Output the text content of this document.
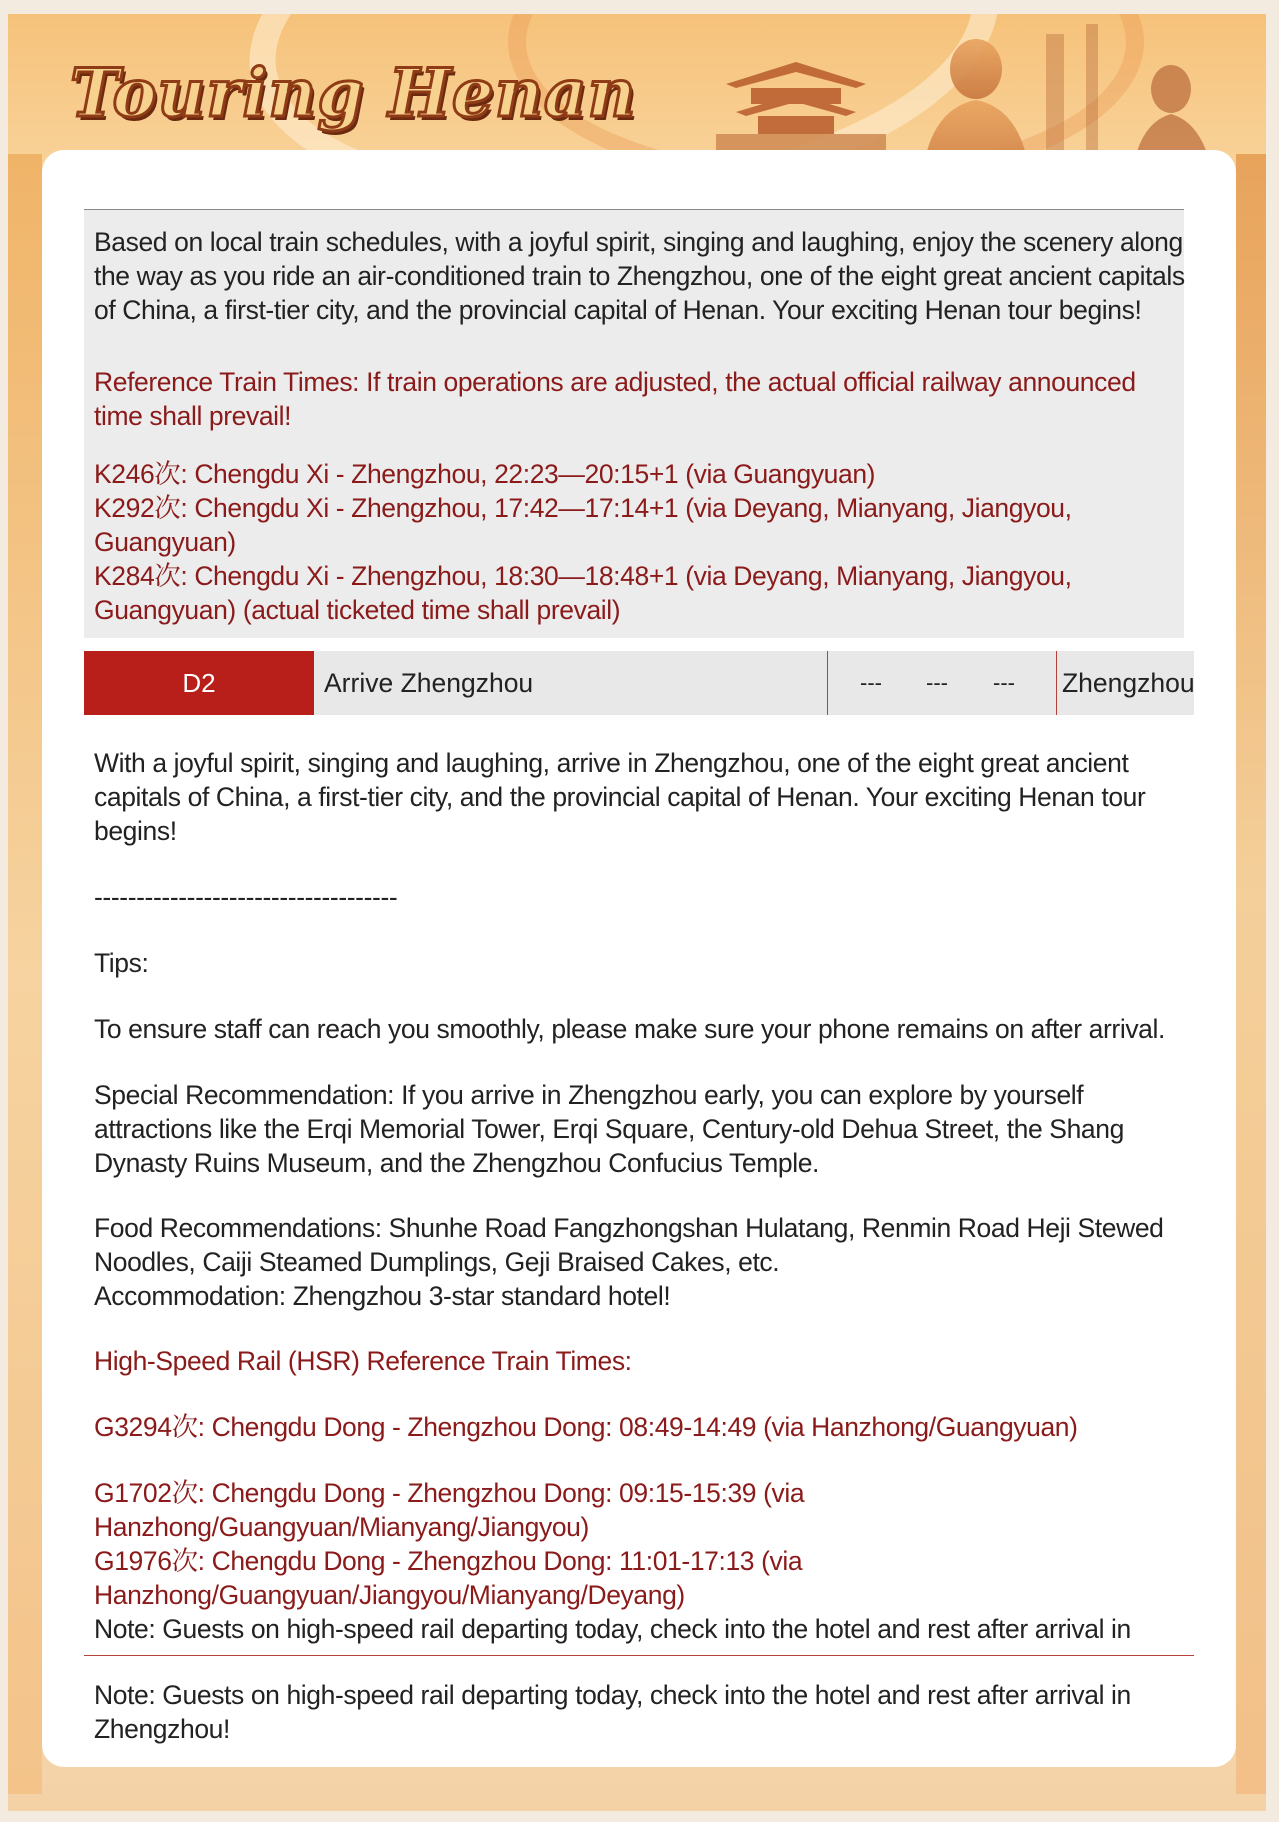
Touring Henan
Based on local train schedules, with a joyful spirit, singing and laughing, enjoy the scenery along the way as you ride an air-conditioned train to Zhengzhou, one of the eight great ancient capitals of China, a first-tier city, and the provincial capital of Henan. Your exciting Henan tour begins!
Reference Train Times: If train operations are adjusted, the actual official railway announced time shall prevail!
K246次: Chengdu Xi - Zhengzhou, 22:23—20:15+1 (via Guangyuan)
K292次: Chengdu Xi - Zhengzhou, 17:42—17:14+1 (via Deyang, Mianyang, Jiangyou, Guangyuan)
K284次: Chengdu Xi - Zhengzhou, 18:30—18:48+1 (via Deyang, Mianyang, Jiangyou, Guangyuan) (actual ticketed time shall prevail)
D2	Arrive Zhengzhou	--- --- --- Zhengzhou
With a joyful spirit, singing and laughing, arrive in Zhengzhou, one of the eight great ancient capitals of China, a first-tier city, and the provincial capital of Henan. Your exciting Henan tour begins!
------------------------------------
Tips:
To ensure staff can reach you smoothly, please make sure your phone remains on after arrival.
Special Recommendation: If you arrive in Zhengzhou early, you can explore by yourself attractions like the Erqi Memorial Tower, Erqi Square, Century-old Dehua Street, the Shang Dynasty Ruins Museum, and the Zhengzhou Confucius Temple.
Food Recommendations: Shunhe Road Fangzhongshan Hulatang, Renmin Road Heji Stewed Noodles, Caiji Steamed Dumplings, Geji Braised Cakes, etc.
Accommodation: Zhengzhou 3-star standard hotel!
High-Speed Rail (HSR) Reference Train Times:
G3294次: Chengdu Dong - Zhengzhou Dong: 08:49-14:49 (via Hanzhong/Guangyuan)
G1702次: Chengdu Dong - Zhengzhou Dong: 09:15-15:39 (via Hanzhong/Guangyuan/Mianyang/Jiangyou)
G1976次: Chengdu Dong - Zhengzhou Dong: 11:01-17:13 (via Hanzhong/Guangyuan/Jiangyou/Mianyang/Deyang)
Note: Guests on high-speed rail departing today, check into the hotel and rest after arrival in
Note: Guests on high-speed rail departing today, check into the hotel and rest after arrival in Zhengzhou!
